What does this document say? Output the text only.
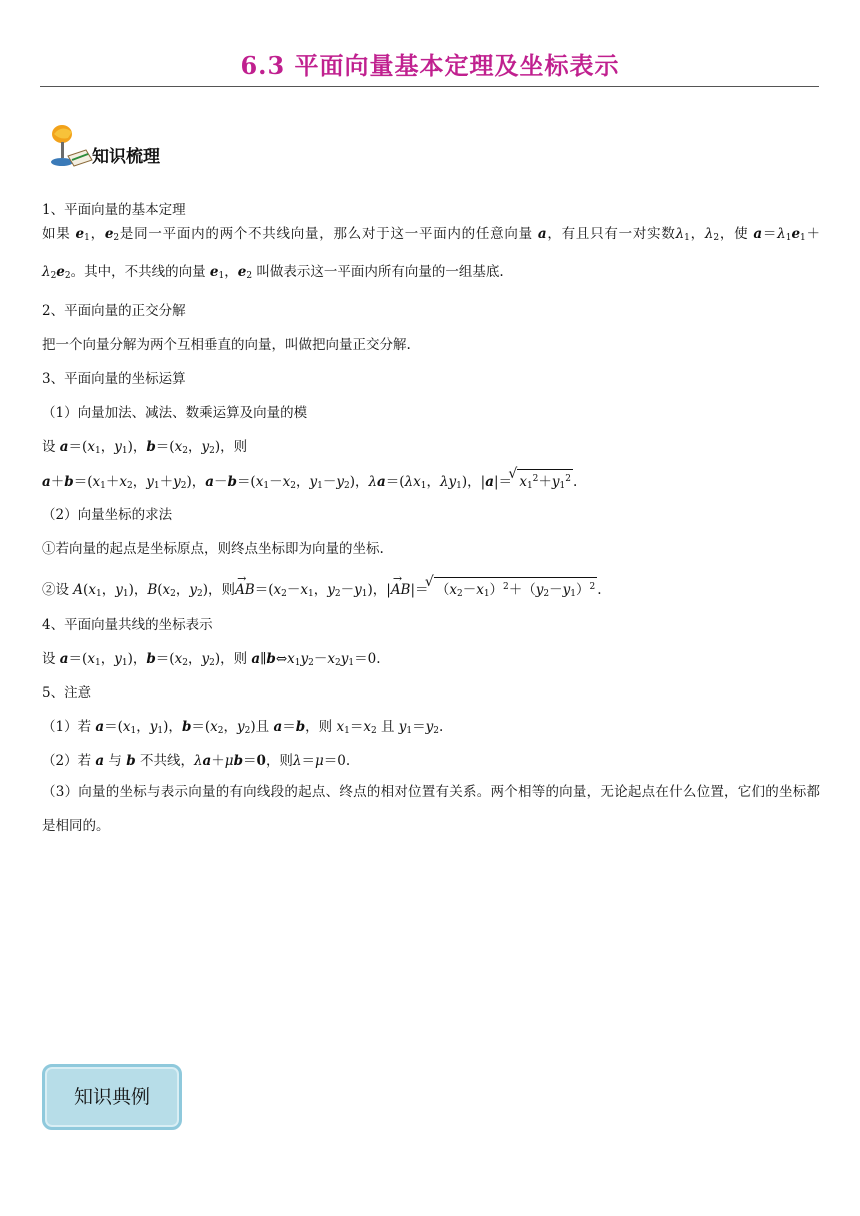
6.3 平面向量基本定理及坐标表示
知识梳理
1、平面向量的基本定理
如果 $e_1$，$e_2$是同一平面内的两个不共线向量，那么对于这一平面内的任意向量 a，有且只有一对实数$\lambda_1$，$\lambda_2$，使 $a=\lambda_1e_1+\lambda_2e_2$。其中，不共线的向量 $e_1$，$e_2$ 叫做表示这一平面内所有向量的一组基底.
2、平面向量的正交分解
把一个向量分解为两个互相垂直的向量，叫做把向量正交分解.
3、平面向量的坐标运算
（1）向量加法、减法、数乘运算及向量的模
设 $a=(x_1$，$y_1$)，$b=(x_2$，$y_2$)，则
$a+b=(x_1+x_2$，$y_1+y_2$)，$a-b=(x_1-x_2$，$y_1-y_2$)，$\lambda a=(\lambda x_1$，$\lambda y_1$)，|a|＝ √ $x_1^2+y_1^2$ .
（2）向量坐标的求法
①若向量的起点是坐标原点，则终点坐标即为向量的坐标.
②设 $A(x_1$，$y_1$)，$B(x_2$，$y_2$)，则AB $\to=(x_2-x_1$，$y_2-y_1$)，|AB →|＝ √ $(x_2-x_1)^2+(y_2-y_1)^2$ .
4、平面向量共线的坐标表示
设 $a=(x_1$，$y_1$)，$b=(x_2$，$y_2$)，则 $a\parallel b\Leftrightarrow x_1y_2-x_2y_1=0$.
5、注意
（1）若 $a=(x_1$，$y_1$)，$b=(x_2$，$y_2$)且 a＝b，则 $x_1=x_2$ 且 $y_1=y_2$.
（2）若 a 与 b 不共线，λa＋μb＝0，则λ＝μ＝0.
（3）向量的坐标与表示向量的有向线段的起点、终点的相对位置有关系。两个相等的向量，无论起点在什么位置，它们的坐标都是相同的。
知识典例
